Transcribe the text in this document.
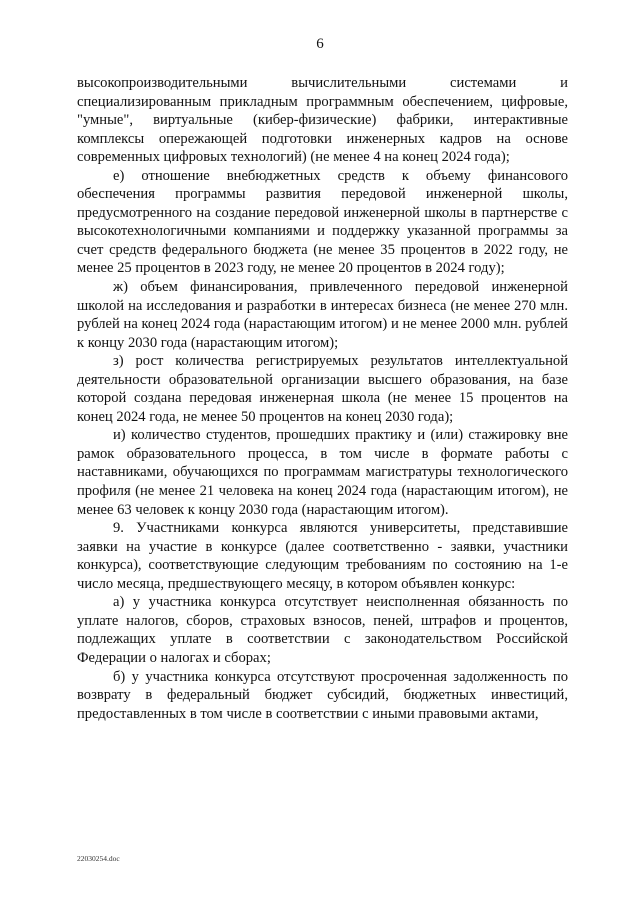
6

высокопроизводительными вычислительными системами и специализированным прикладным программным обеспечением, цифровые, "умные", виртуальные (кибер-физические) фабрики, интерактивные комплексы опережающей подготовки инженерных кадров на основе современных цифровых технологий) (не менее 4 на конец 2024 года);

е) отношение внебюджетных средств к объему финансового обеспечения программы развития передовой инженерной школы, предусмотренного на создание передовой инженерной школы в партнерстве с высокотехнологичными компаниями и поддержку указанной программы за счет средств федерального бюджета (не менее 35 процентов в 2022 году, не менее 25 процентов в 2023 году, не менее 20 процентов в 2024 году);

ж) объем финансирования, привлеченного передовой инженерной школой на исследования и разработки в интересах бизнеса (не менее 270 млн. рублей на конец 2024 года (нарастающим итогом) и не менее 2000 млн. рублей к концу 2030 года (нарастающим итогом);

з) рост количества регистрируемых результатов интеллектуальной деятельности образовательной организации высшего образования, на базе которой создана передовая инженерная школа (не менее 15 процентов на конец 2024 года, не менее 50 процентов на конец 2030 года);

и) количество студентов, прошедших практику и (или) стажировку вне рамок образовательного процесса, в том числе в формате работы с наставниками, обучающихся по программам магистратуры технологического профиля (не менее 21 человека на конец 2024 года (нарастающим итогом), не менее 63 человек к концу 2030 года (нарастающим итогом).

9. Участниками конкурса являются университеты, представившие заявки на участие в конкурсе (далее соответственно - заявки, участники конкурса), соответствующие следующим требованиям по состоянию на 1-е число месяца, предшествующего месяцу, в котором объявлен конкурс:

а) у участника конкурса отсутствует неисполненная обязанность по уплате налогов, сборов, страховых взносов, пеней, штрафов и процентов, подлежащих уплате в соответствии с законодательством Российской Федерации о налогах и сборах;

б) у участника конкурса отсутствуют просроченная задолженность по возврату в федеральный бюджет субсидий, бюджетных инвестиций, предоставленных в том числе в соответствии с иными правовыми актами,

22030254.doc
